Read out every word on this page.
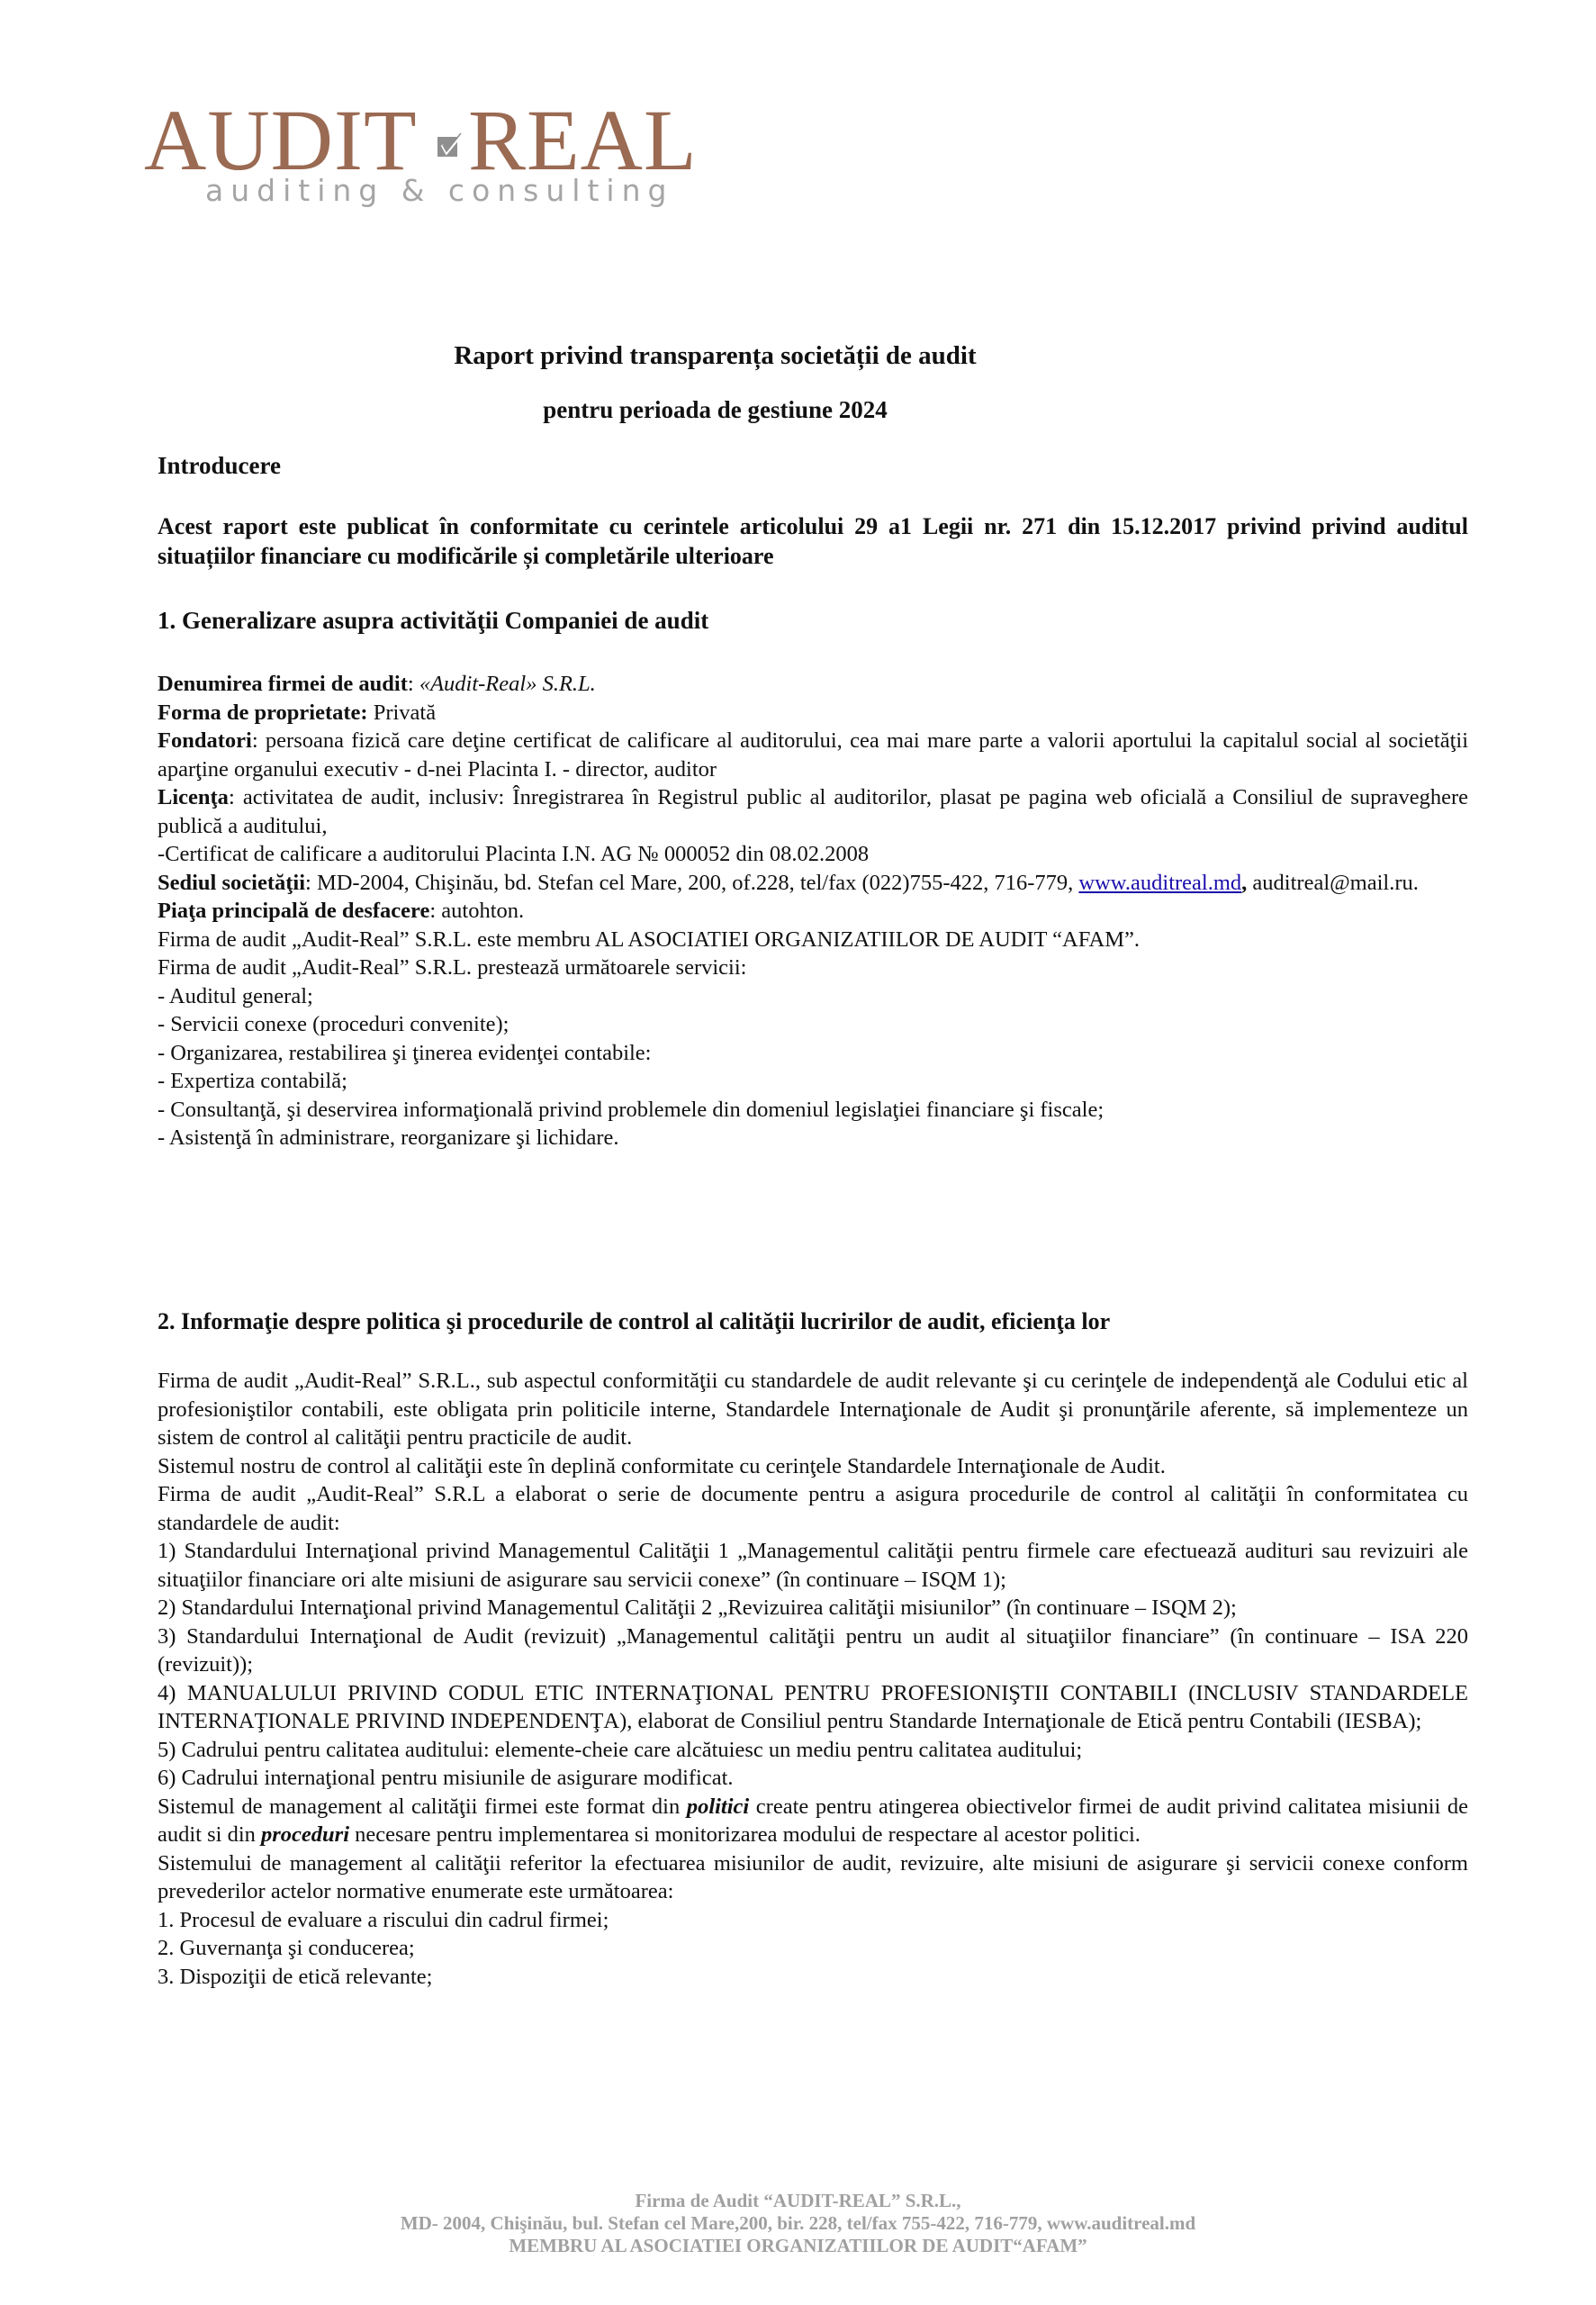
AUDIT REAL
auditing & consulting
Raport privind transparența societății de audit
pentru perioada de gestiune 2024
Introducere
Acest raport este publicat în conformitate cu cerintele articolului 29 a1 Legii nr. 271 din 15.12.2017 privind privind auditul situațiilor financiare cu modificările și completările ulterioare
1. Generalizare asupra activităţii Companiei de audit

Denumirea firmei de audit: «Audit-Real» S.R.L.

Forma de proprietate: Privată

Fondatori: persoana fizică care deţine certificat de calificare al auditorului, cea mai mare parte a valorii aportului la capitalul social al societăţii aparţine organului executiv - d-nei Placinta I. - director, auditor

Licenţa: activitatea de audit, inclusiv: Înregistrarea în Registrul public al auditorilor, plasat pe pagina web oficială a Consiliul de supraveghere publică a auditului,

-Certificat de calificare a auditorului Placinta I.N. AG № 000052 din 08.02.2008

Sediul societăţii: MD-2004, Chişinău, bd. Stefan cel Mare, 200, of.228, tel/fax (022)755-422, 716-779, www.auditreal.md, auditreal@mail.ru.

Piaţa principală de desfacere: autohton.

Firma de audit „Audit-Real” S.R.L. este membru AL ASOCIATIEI ORGANIZATIILOR DE AUDIT “AFAM”.

Firma de audit „Audit-Real” S.R.L. prestează următoarele servicii:

- Auditul general;

- Servicii conexe (proceduri convenite);

- Organizarea, restabilirea şi ţinerea evidenţei contabile:

- Expertiza contabilă;

- Consultanţă, şi deservirea informaţională privind problemele din domeniul legislaţiei financiare şi fiscale;

- Asistenţă în administrare, reorganizare şi lichidare.

2. Informaţie despre politica şi procedurile de control al calităţii lucririlor de audit, eficienţa lor

Firma de audit „Audit-Real” S.R.L., sub aspectul conformităţii cu standardele de audit relevante şi cu cerinţele de independenţă ale Codului etic al profesioniştilor contabili, este obligata prin politicile interne, Standardele Internaţionale de Audit şi pronunţările aferente, să implementeze un sistem de control al calităţii pentru practicile de audit.

Sistemul nostru de control al calităţii este în deplină conformitate cu cerinţele Standardele Internaţionale de Audit.

Firma de audit „Audit-Real” S.R.L a elaborat o serie de documente pentru a asigura procedurile de control al calităţii în conformitatea cu standardele de audit:

1) Standardului Internaţional privind Managementul Calităţii 1 „Managementul calităţii pentru firmele care efectuează audituri sau revizuiri ale situaţiilor financiare ori alte misiuni de asigurare sau servicii conexe” (în continuare – ISQM 1);

2) Standardului Internaţional privind Managementul Calităţii 2 „Revizuirea calităţii misiunilor” (în continuare – ISQM 2);

3) Standardului Internaţional de Audit (revizuit) „Managementul calităţii pentru un audit al situaţiilor financiare” (în continuare – ISA 220 (revizuit));

4) MANUALULUI PRIVIND CODUL ETIC INTERNAŢIONAL PENTRU PROFESIONIŞTII CONTABILI (INCLUSIV STANDARDELE INTERNAŢIONALE PRIVIND INDEPENDENŢA), elaborat de Consiliul pentru Standarde Internaţionale de Etică pentru Contabili (IESBA);

5) Cadrului pentru calitatea auditului: elemente-cheie care alcătuiesc un mediu pentru calitatea auditului;

6) Cadrului internaţional pentru misiunile de asigurare modificat.

Sistemul de management al calităţii firmei este format din politici create pentru atingerea obiectivelor firmei de audit privind calitatea misiunii de audit si din proceduri necesare pentru implementarea si monitorizarea modului de respectare al acestor politici.

Sistemului de management al calităţii referitor la efectuarea misiunilor de audit, revizuire, alte misiuni de asigurare şi servicii conexe conform prevederilor actelor normative enumerate este următoarea:

1. Procesul de evaluare a riscului din cadrul firmei;

2. Guvernanţa şi conducerea;

3. Dispoziţii de etică relevante;

Firma de Audit “AUDIT-REAL” S.R.L.,
MD- 2004, Chişinău, bul. Stefan cel Mare,200, bir. 228, tel/fax 755-422, 716-779, www.auditreal.md
MEMBRU AL ASOCIATIEI ORGANIZATIILOR DE AUDIT“AFAM”
